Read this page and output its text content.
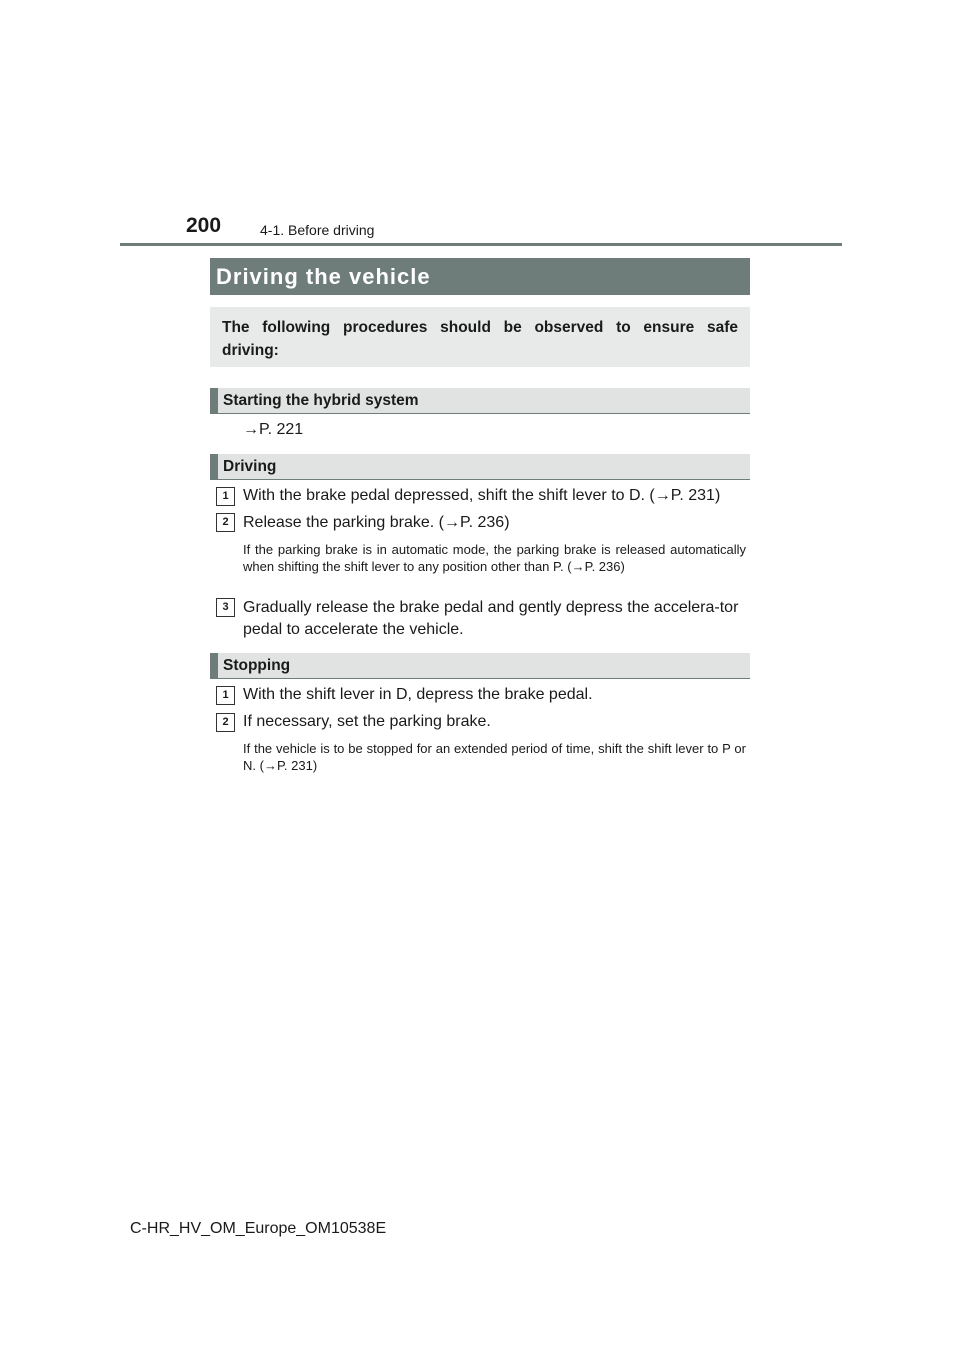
200	4-1. Before driving
Driving the vehicle
The following procedures should be observed to ensure safe driving:
Starting the hybrid system
→P. 221
Driving
1 With the brake pedal depressed, shift the shift lever to D. (→P. 231)
2 Release the parking brake. (→P. 236)
If the parking brake is in automatic mode, the parking brake is released automatically when shifting the shift lever to any position other than P. (→P. 236)
3 Gradually release the brake pedal and gently depress the accelera-tor pedal to accelerate the vehicle.
Stopping
1 With the shift lever in D, depress the brake pedal.
2 If necessary, set the parking brake.
If the vehicle is to be stopped for an extended period of time, shift the shift lever to P or N. (→P. 231)
C-HR_HV_OM_Europe_OM10538E
